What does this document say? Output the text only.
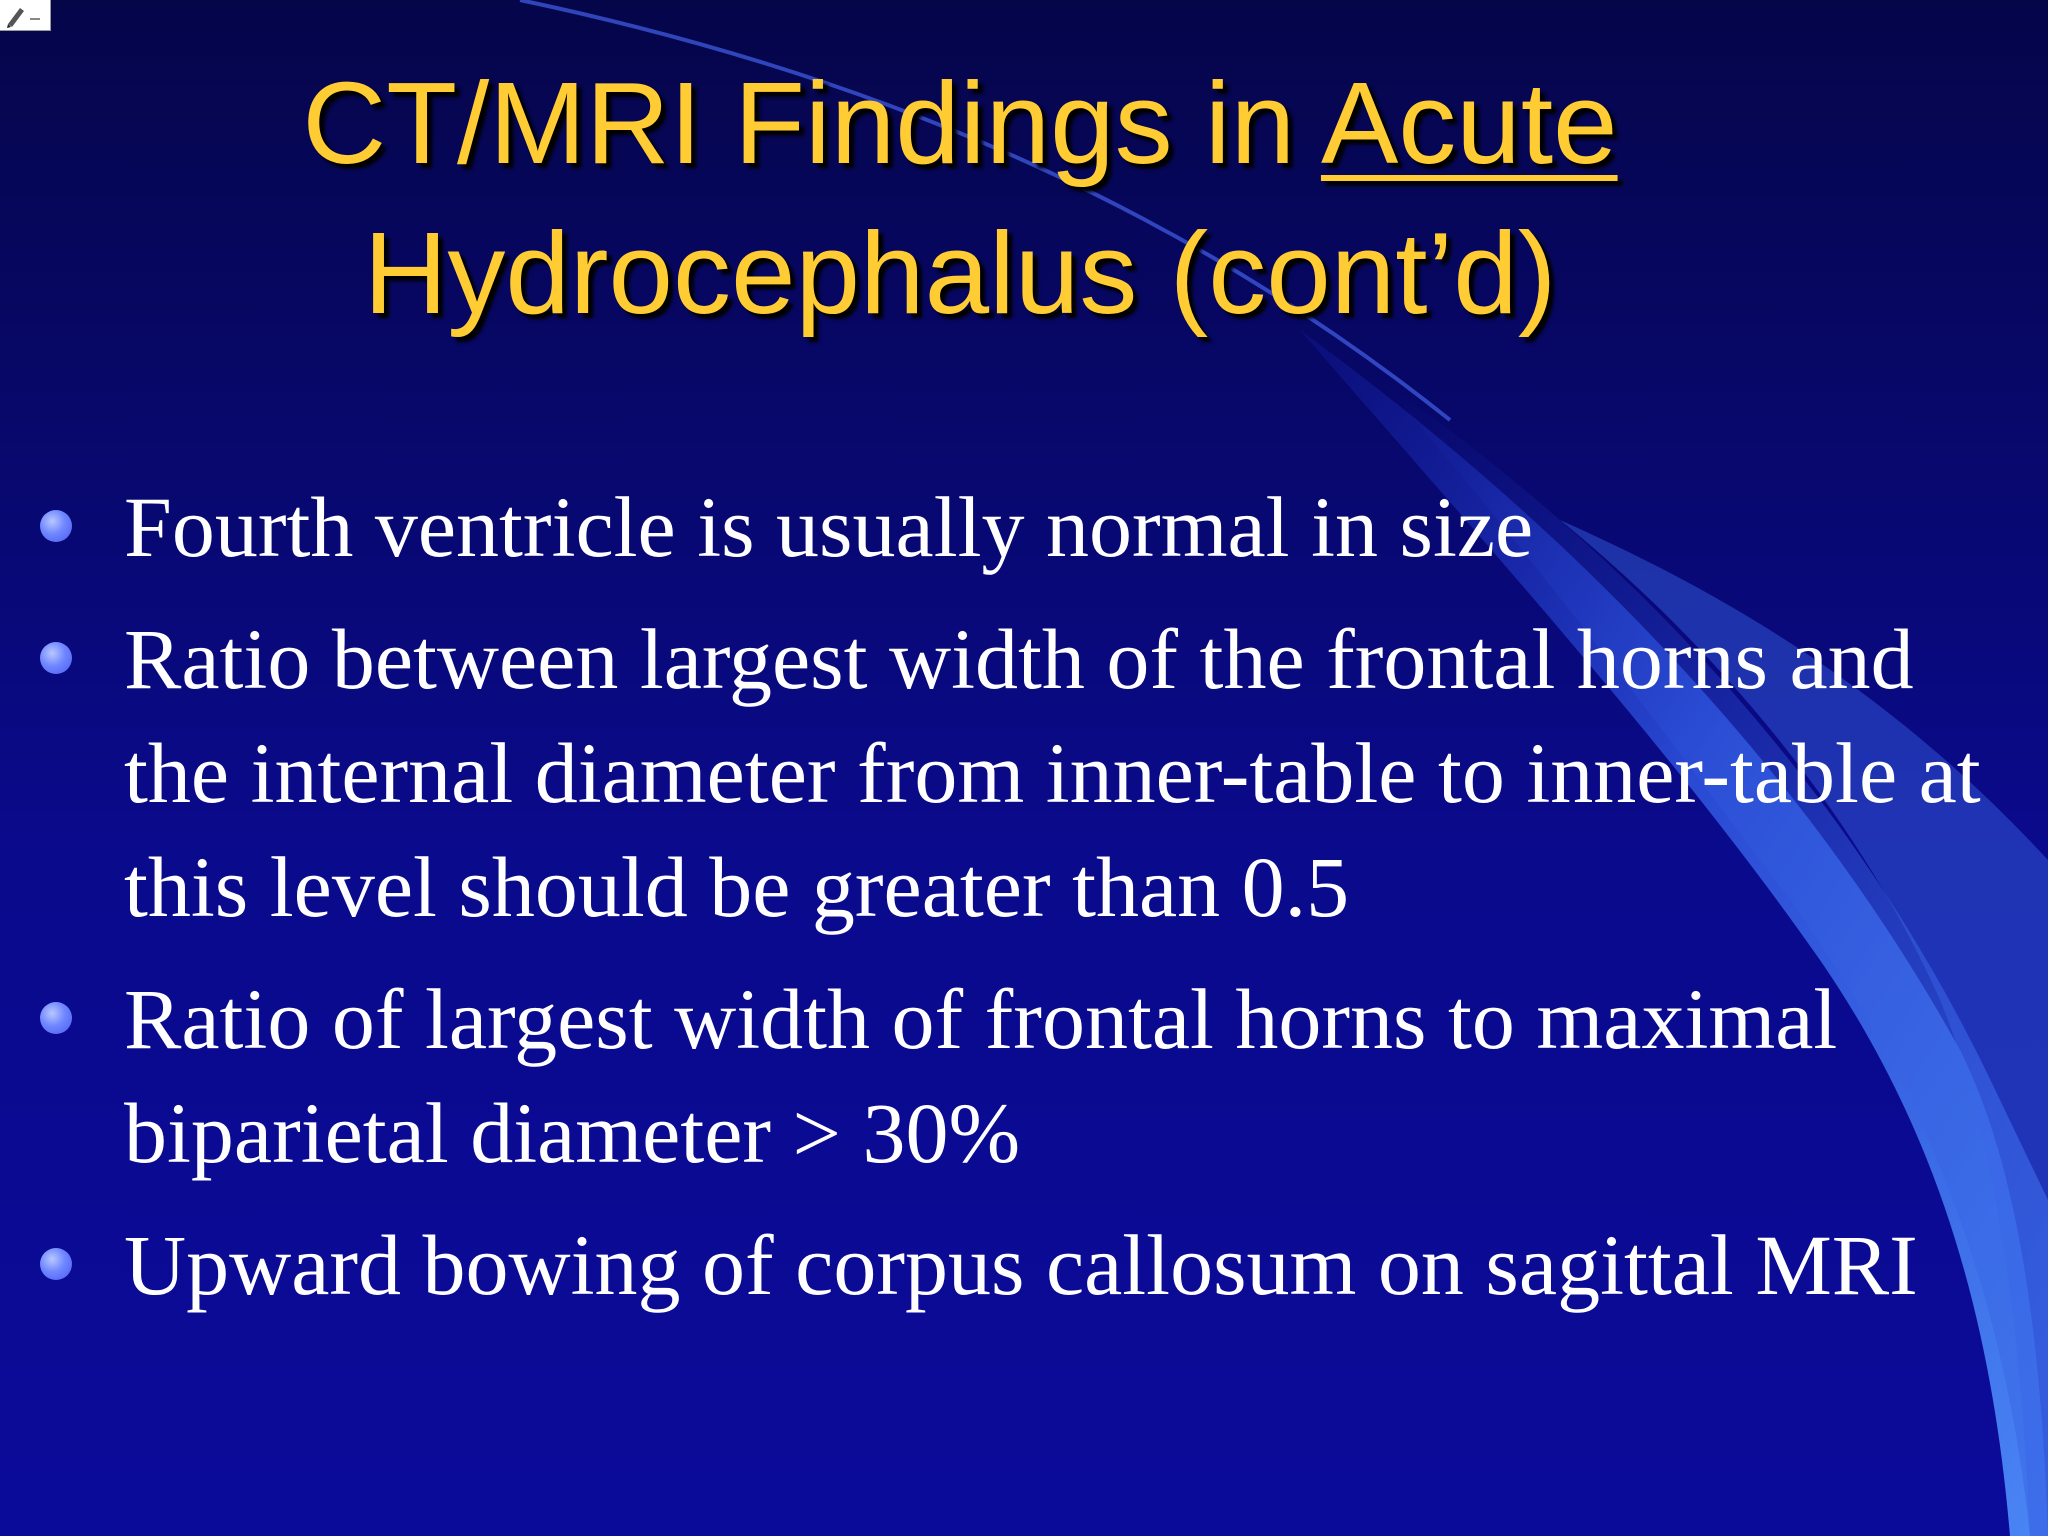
CT/MRI Findings in Acute
Hydrocephalus (cont’d)
Fourth ventricle is usually normal in size
Ratio between largest width of the frontal horns and the internal diameter from inner-table to inner-table at this level should be greater than 0.5
Ratio of largest width of frontal horns to maximal biparietal diameter > 30%
Upward bowing of corpus callosum on sagittal MRI
